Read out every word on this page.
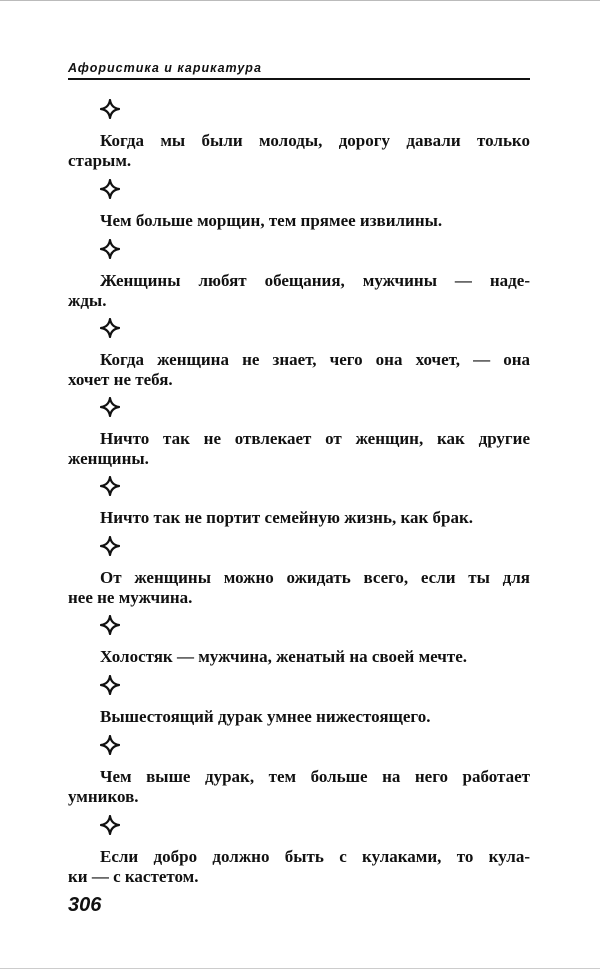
Афористика и карикатура
Когда мы были молоды, дорогу давали только
старым.
Чем больше морщин, тем прямее извилины.
Женщины любят обещания, мужчины — наде-
жды.
Когда женщина не знает, чего она хочет, — она
хочет не тебя.
Ничто так не отвлекает от женщин, как другие
женщины.
Ничто так не портит семейную жизнь, как брак.
От женщины можно ожидать всего, если ты для
нее не мужчина.
Холостяк — мужчина, женатый на своей мечте.
Вышестоящий дурак умнее нижестоящего.
Чем выше дурак, тем больше на него работает
умников.
Если добро должно быть с кулаками, то кула-
ки — с кастетом.
306
